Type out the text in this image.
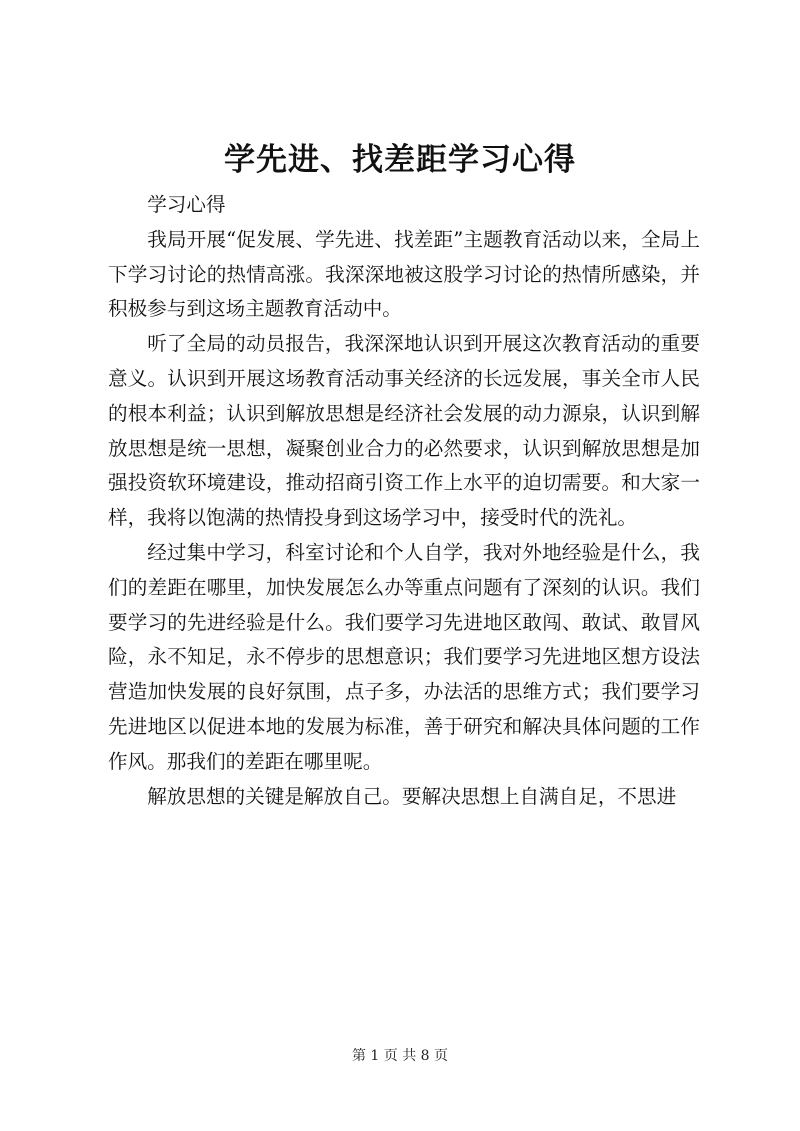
学先进、找差距学习心得

学习心得

我局开展“促发展、学先进、找差距”主题教育活动以来，全局上下学习讨论的热情高涨。我深深地被这股学习讨论的热情所感染，并积极参与到这场主题教育活动中。

听了全局的动员报告，我深深地认识到开展这次教育活动的重要意义。认识到开展这场教育活动事关经济的长远发展，事关全市人民的根本利益；认识到解放思想是经济社会发展的动力源泉，认识到解放思想是统一思想，凝聚创业合力的必然要求，认识到解放思想是加强投资软环境建设，推动招商引资工作上水平的迫切需要。和大家一样，我将以饱满的热情投身到这场学习中，接受时代的洗礼。

经过集中学习，科室讨论和个人自学，我对外地经验是什么，我们的差距在哪里，加快发展怎么办等重点问题有了深刻的认识。我们要学习的先进经验是什么。我们要学习先进地区敢闯、敢试、敢冒风险，永不知足，永不停步的思想意识；我们要学习先进地区想方设法营造加快发展的良好氛围，点子多，办法活的思维方式；我们要学习先进地区以促进本地的发展为标准，善于研究和解决具体问题的工作作风。那我们的差距在哪里呢。

解放思想的关键是解放自己。要解决思想上自满自足，不思进

第 1 页 共 8 页
